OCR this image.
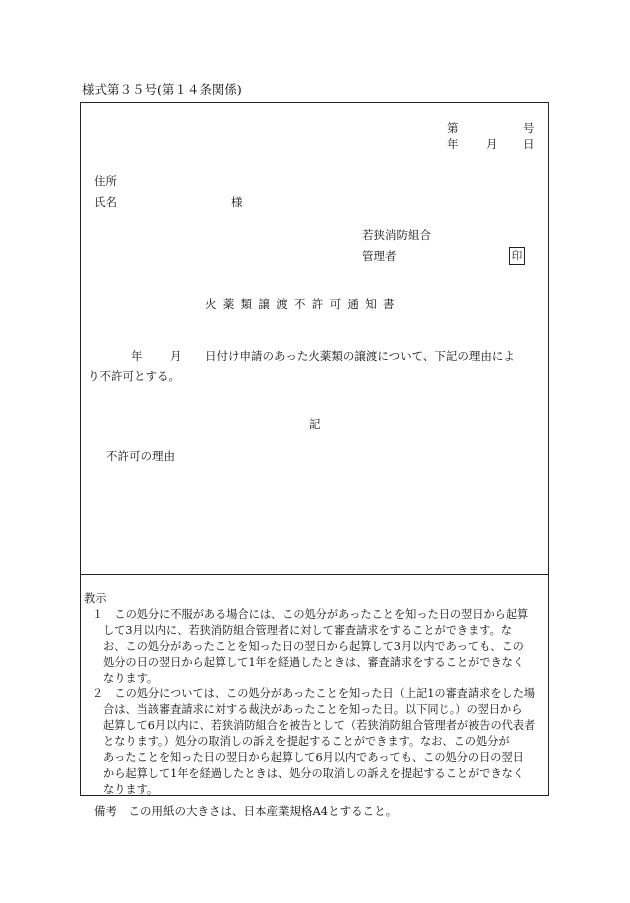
様式第３５号(第１４条関係)
第	号
年 月 日
住所
氏名	様
若狭消防組合
管理者	印
火薬類譲渡不許可通知書
年 月 日付け申請のあった火薬類の譲渡について、下記の理由によ
り不許可とする。
記
不許可の理由
教示
１　この処分に不服がある場合には、この処分があったことを知った日の翌日から起算
して3月以内に、若狭消防組合管理者に対して審査請求をすることができます。な
お、この処分があったことを知った日の翌日から起算して3月以内であっても、この
処分の日の翌日から起算して1年を経過したときは、審査請求をすることができなく
なります。
２　この処分については、この処分があったことを知った日（上記1の審査請求をした場
合は、当該審査請求に対する裁決があったことを知った日。以下同じ。）の翌日から
起算して6月以内に、若狭消防組合を被告として（若狭消防組合管理者が被告の代表者
となります。）処分の取消しの訴えを提起することができます。なお、この処分が
あったことを知った日の翌日から起算して6月以内であっても、この処分の日の翌日
から起算して1年を経過したときは、処分の取消しの訴えを提起することができなく
なります。
備考　この用紙の大きさは、日本産業規格A4とすること。
